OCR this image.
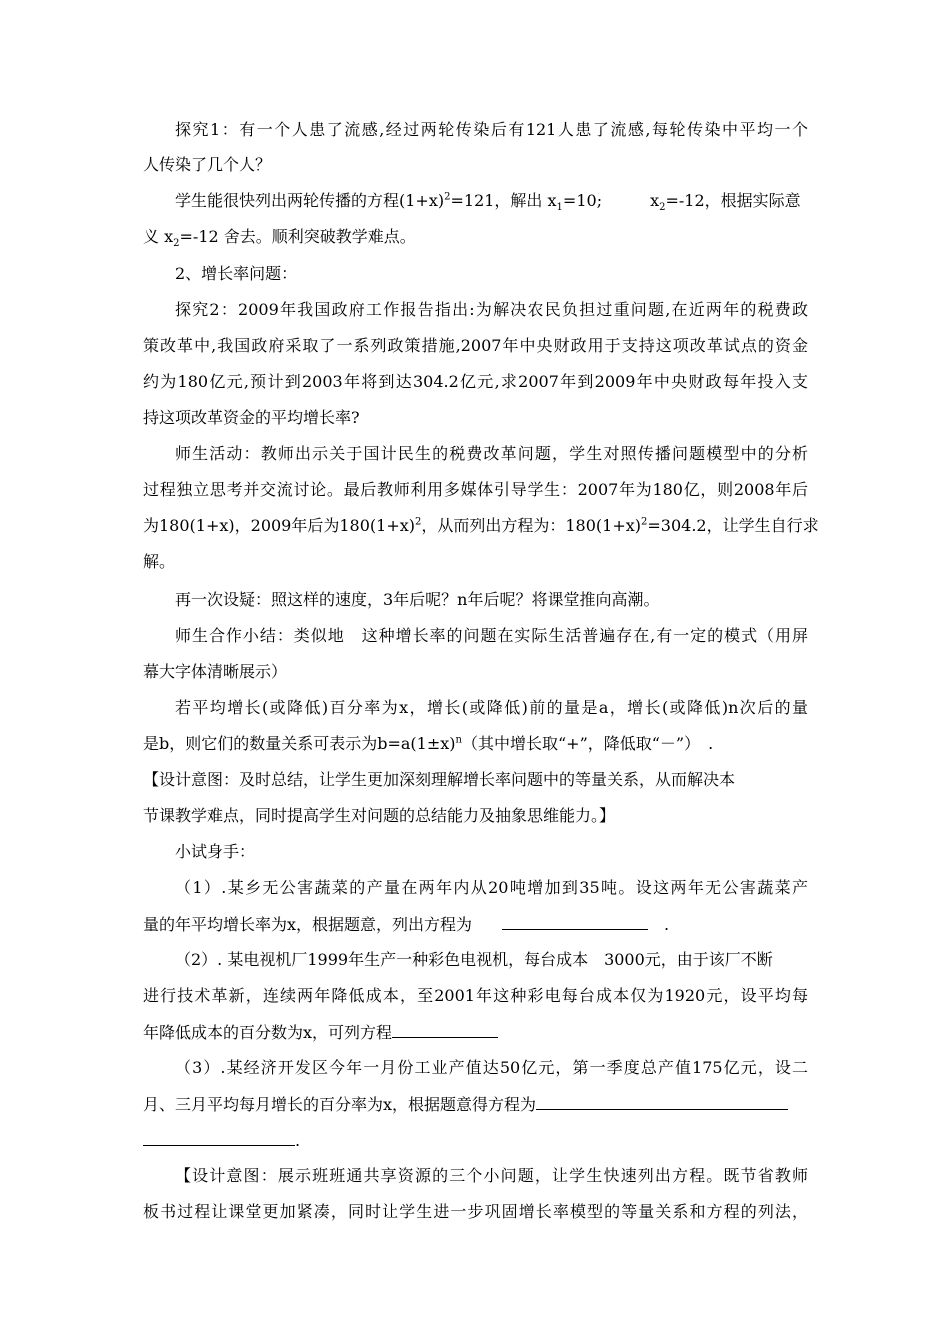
探究1：有一个人患了流感,经过两轮传染后有121人患了流感,每轮传染中平均一个
人传染了几个人？
学生能很快列出两轮传播的方程$(1+x)^2=121$，解出 $x_1=10$;	$x_2=-12$，根据实际意
义 $x_2=-12$ 舍去。顺利突破教学难点。
2、增长率问题：
探究2：2009年我国政府工作报告指出:为解决农民负担过重问题,在近两年的税费政
策改革中,我国政府采取了一系列政策措施,2007年中央财政用于支持这项改革试点的资金
约为180亿元,预计到2003年将到达304.2亿元,求2007年到2009年中央财政每年投入支
持这项改革资金的平均增长率?
师生活动：教师出示关于国计民生的税费改革问题，学生对照传播问题模型中的分析
过程独立思考并交流讨论。最后教师利用多媒体引导学生：2007年为180亿，则2008年后
为180(1+x)，2009年后为$180(1+x)^2$，从而列出方程为：$180(1+x)^2=304.2$，让学生自行求
解。
再一次设疑：照这样的速度，3年后呢？n年后呢？将课堂推向高潮。
师生合作小结：类似地　这种增长率的问题在实际生活普遍存在,有一定的模式（用屏
幕大字体清晰展示）
若平均增长(或降低)百分率为x，增长(或降低)前的量是a，增长(或降低)n次后的量
是b，则它们的数量关系可表示为$b=a(1\pm x)^n$（其中增长取“+”，降低取“－”）　.
【设计意图：及时总结，让学生更加深刻理解增长率问题中的等量关系，从而解决本
节课教学难点，同时提高学生对问题的总结能力及抽象思维能力。】
小试身手：
（1）.某乡无公害蔬菜的产量在两年内从20吨增加到35吨。设这两年无公害蔬菜产
量的年平均增长率为x，根据题意，列出方程为	.
（2）. 某电视机厂1999年生产一种彩色电视机，每台成本　3000元，由于该厂不断
进行技术革新，连续两年降低成本，至2001年这种彩电每台成本仅为1920元，设平均每
年降低成本的百分数为x，可列方程
（3）.某经济开发区今年一月份工业产值达50亿元，第一季度总产值175亿元，设二
月、三月平均每月增长的百分率为x，根据题意得方程为
.
【设计意图：展示班班通共享资源的三个小问题，让学生快速列出方程。既节省教师
板书过程让课堂更加紧凑，同时让学生进一步巩固增长率模型的等量关系和方程的列法，
